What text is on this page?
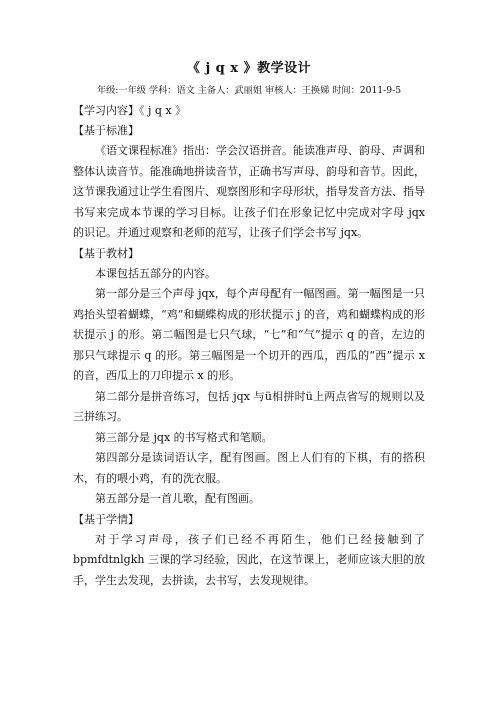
《 j q x 》教学设计

年级:一年级 学科：语文 主备人：武丽姐 审核人：王换娣 时间：2011-9-5

【学习内容】《 j q x 》

【基于标准】

《语文课程标准》指出：学会汉语拼音。能读准声母、韵母、声调和整体认读音节。能准确地拼读音节，正确书写声母、韵母和音节。因此，这节课我通过让学生看图片、观察图形和字母形状，指导发音方法、指导书写来完成本节课的学习目标。让孩子们在形象记忆中完成对字母 jqx 的识记。并通过观察和老师的范写，让孩子们学会书写 jqx。

【基于教材】

本课包括五部分的内容。

第一部分是三个声母 jqx，每个声母配有一幅图画。第一幅图是一只鸡抬头望着蝴蝶，“鸡”和蝴蝶构成的形状提示 j 的音，鸡和蝴蝶构成的形状提示 j 的形。第二幅图是七只气球，“七”和“气”提示 q 的音，左边的那只气球提示 q 的形。第三幅图是一个切开的西瓜，西瓜的“西”提示 x 的音，西瓜上的刀印提示 x 的形。

第二部分是拼音练习，包括 jqx 与ü相拼时ü上两点省写的规则以及三拼练习。

第三部分是 jqx 的书写格式和笔顺。

第四部分是读词语认字，配有图画。图上人们有的下棋，有的搭积木，有的喂小鸡，有的洗衣服。

第五部分是一首儿歌，配有图画。

【基于学情】

对于学习声母，孩子们已经不再陌生，他们已经接触到了 bpmfdtnlgkh 三课的学习经验，因此，在这节课上，老师应该大胆的放手，学生去发现，去拼读，去书写，去发现规律。
